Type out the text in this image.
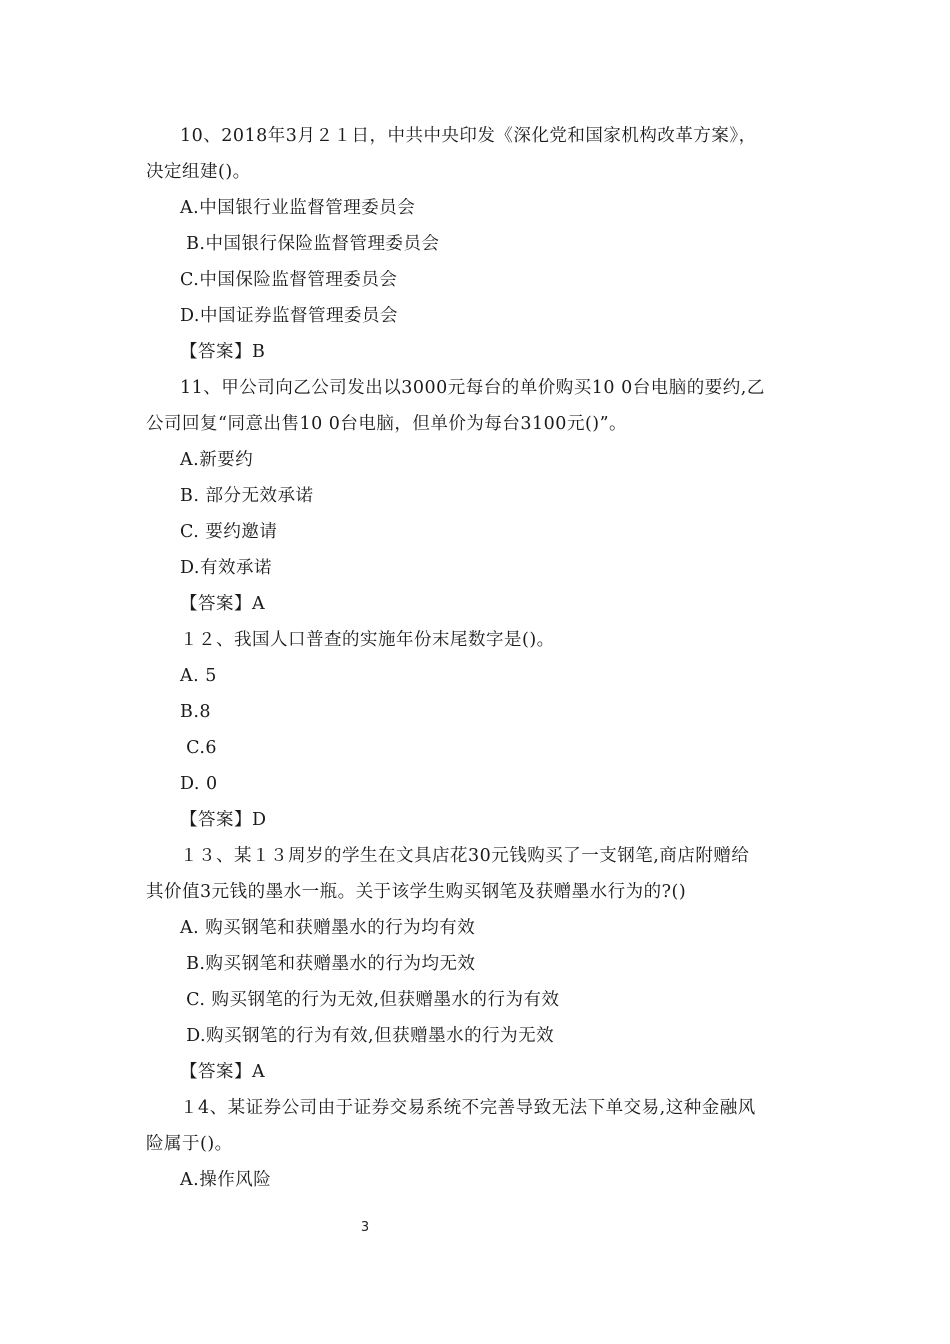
10、2018年3月２１日，中共中央印发《深化党和国家机构改革方案》，
决定组建()。
A.中国银行业监督管理委员会
B.中国银行保险监督管理委员会
C.中国保险监督管理委员会
D.中国证券监督管理委员会
【答案】B
11、甲公司向乙公司发出以3000元每台的单价购买10 0台电脑的要约,乙
公司回复“同意出售10 0台电脑，但单价为每台3100元()”。
A.新要约
B. 部分无效承诺
C. 要约邀请
D.有效承诺
【答案】A
１２、我国人口普查的实施年份末尾数字是()。
A. 5
B.8
C.6
D. 0
【答案】D
１３、某１３周岁的学生在文具店花30元钱购买了一支钢笔,商店附赠给
其价值3元钱的墨水一瓶。关于该学生购买钢笔及获赠墨水行为的?()
A. 购买钢笔和获赠墨水的行为均有效
B.购买钢笔和获赠墨水的行为均无效
C. 购买钢笔的行为无效,但获赠墨水的行为有效
D.购买钢笔的行为有效,但获赠墨水的行为无效
【答案】A
１4、某证券公司由于证券交易系统不完善导致无法下单交易,这种金融风
险属于()。
A.操作风险
3
